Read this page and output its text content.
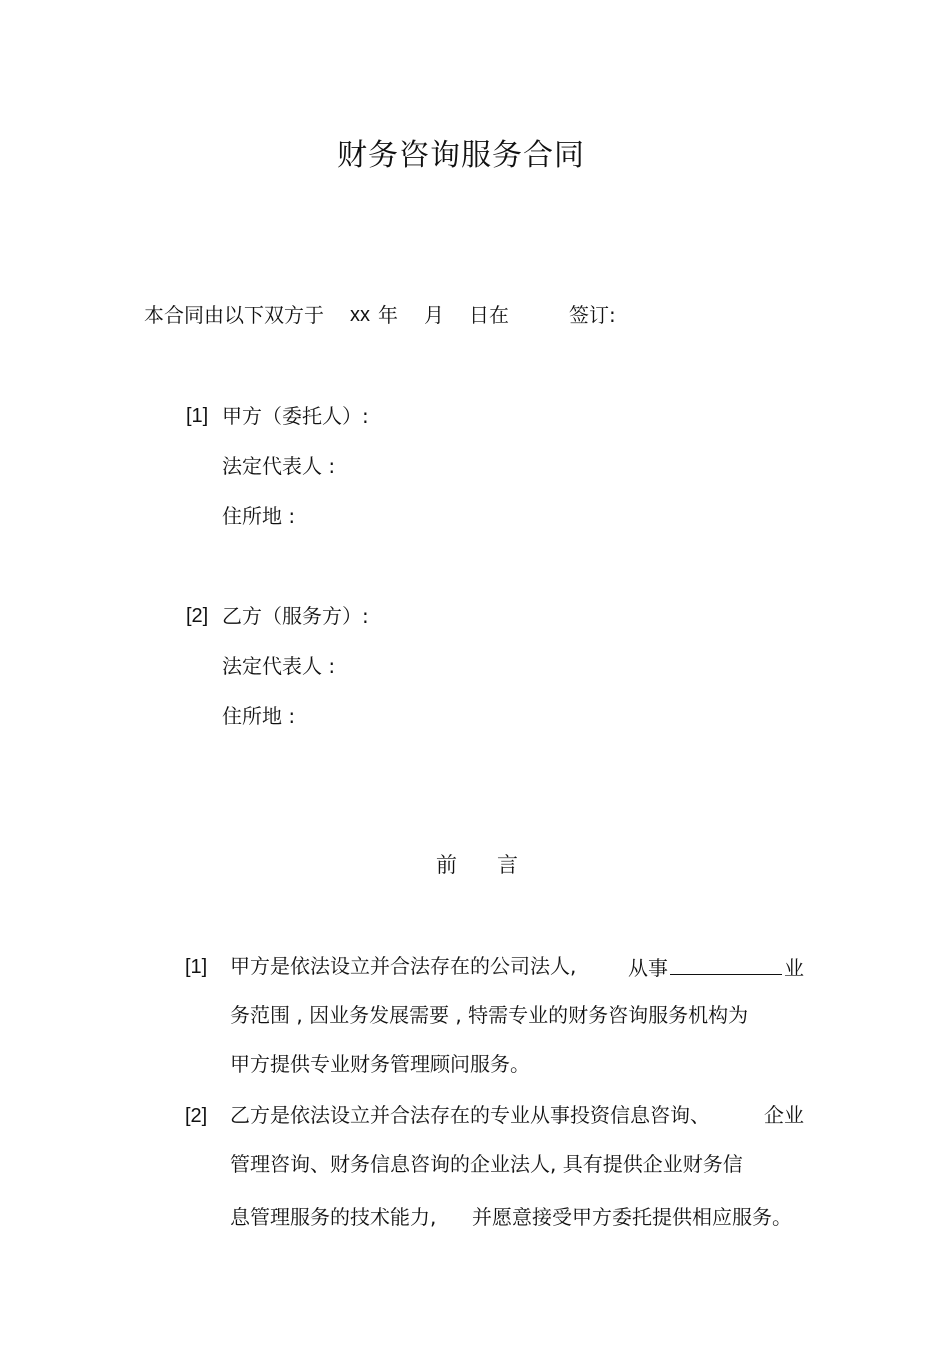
财务咨询服务合同
本合同由以下双方于 xx 年 月 日在	签订:
[1] 甲方（委托人）:
法定代表人 :
住所地 :
[2] 乙方（服务方）:
法定代表人 :
住所地 :
前 言
[1] 甲方是依法设立并合法存在的公司法人,	从事	业
务范围 , 因业务发展需要 , 特需专业的财务咨询服务机构为
甲方提供专业财务管理顾问服务。
[2] 乙方是依法设立并合法存在的专业从事投资信息咨询、	企业
管理咨询、财务信息咨询的企业法人, 具有提供企业财务信
息管理服务的技术能力, 并愿意接受甲方委托提供相应服务。
